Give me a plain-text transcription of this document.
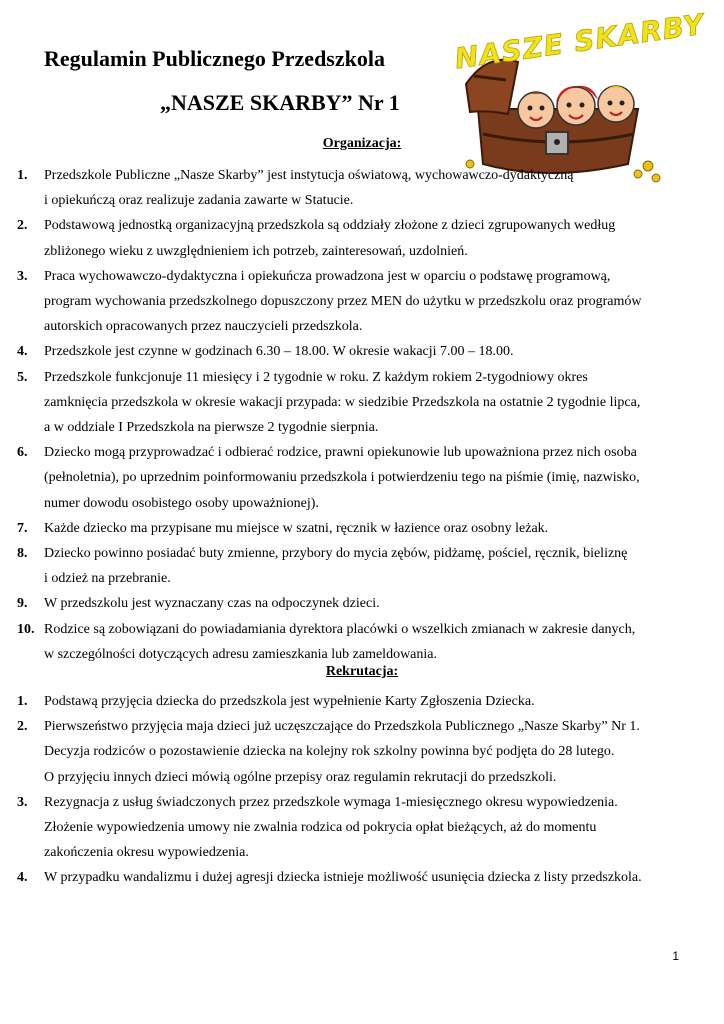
NASZE SKARBY
Regulamin Publicznego Przedszkola
„NASZE SKARBY” Nr 1
Organizacja:
1. Przedszkole Publiczne „Nasze Skarby” jest instytucja oświatową, wychowawczo-dydaktyczną
i opiekuńczą oraz realizuje zadania zawarte w Statucie.
2. Podstawową jednostką organizacyjną przedszkola są oddziały złożone z dzieci zgrupowanych według
zbliżonego wieku z uwzględnieniem ich potrzeb, zainteresowań, uzdolnień.
3. Praca wychowawczo-dydaktyczna i opiekuńcza prowadzona jest w oparciu o podstawę programową,
program wychowania przedszkolnego dopuszczony przez MEN do użytku w przedszkolu oraz programów
autorskich opracowanych przez nauczycieli przedszkola.
4. Przedszkole jest czynne w godzinach 6.30 – 18.00. W okresie wakacji 7.00 – 18.00.
5. Przedszkole funkcjonuje 11 miesięcy i 2 tygodnie w roku. Z każdym rokiem 2-tygodniowy okres
zamknięcia przedszkola w okresie wakacji przypada: w siedzibie Przedszkola na ostatnie 2 tygodnie lipca,
a w oddziale I Przedszkola na pierwsze 2 tygodnie sierpnia.
6. Dziecko mogą przyprowadzać i odbierać rodzice, prawni opiekunowie lub upoważniona przez nich osoba
(pełnoletnia), po uprzednim poinformowaniu przedszkola i potwierdzeniu tego na piśmie (imię, nazwisko,
numer dowodu osobistego osoby upoważnionej).
7. Każde dziecko ma przypisane mu miejsce w szatni, ręcznik w łazience oraz osobny leżak.
8. Dziecko powinno posiadać buty zmienne, przybory do mycia zębów, pidżamę, pościel, ręcznik, bieliznę
i odzież na przebranie.
9. W przedszkolu jest wyznaczany czas na odpoczynek dzieci.
10. Rodzice są zobowiązani do powiadamiania dyrektora placówki o wszelkich zmianach w zakresie danych,
w szczególności dotyczących adresu zamieszkania lub zameldowania.
Rekrutacja:
1. Podstawą przyjęcia dziecka do przedszkola jest wypełnienie Karty Zgłoszenia Dziecka.
2. Pierwszeństwo przyjęcia maja dzieci już uczęszczające do Przedszkola Publicznego „Nasze Skarby” Nr 1.
Decyzja rodziców o pozostawienie dziecka na kolejny rok szkolny powinna być podjęta do 28 lutego.
O przyjęciu innych dzieci mówią ogólne przepisy oraz regulamin rekrutacji do przedszkoli.
3. Rezygnacja z usług świadczonych przez przedszkole wymaga 1-miesięcznego okresu wypowiedzenia.
Złożenie wypowiedzenia umowy nie zwalnia rodzica od pokrycia opłat bieżących, aż do momentu
zakończenia okresu wypowiedzenia.
4. W przypadku wandalizmu i dużej agresji dziecka istnieje możliwość usunięcia dziecka z listy przedszkola.
1
